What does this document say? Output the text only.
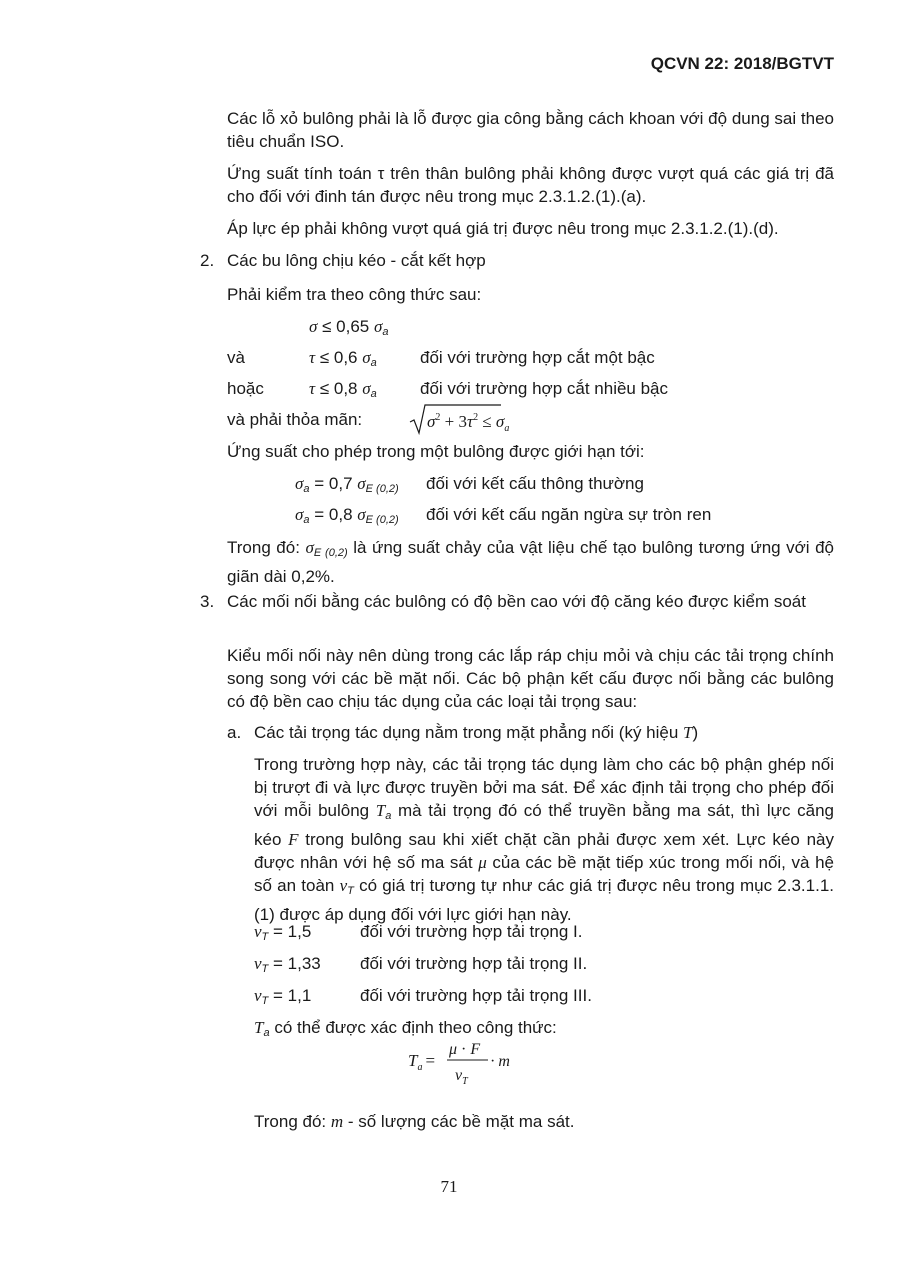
QCVN 22: 2018/BGTVT
Các lỗ xỏ bulông phải là lỗ được gia công bằng cách khoan với độ dung sai theo tiêu chuẩn ISO.
Ứng suất tính toán τ trên thân bulông phải không được vượt quá các giá trị đã cho đối với đinh tán được nêu trong mục 2.3.1.2.(1).(a).
Áp lực ép phải không vượt quá giá trị được nêu trong mục 2.3.1.2.(1).(d).
2. Các bu lông chịu kéo - cắt kết hợp
Phải kiểm tra theo công thức sau:
σ ≤ 0,65 $\sigma_a$
và	τ ≤ 0,6 $\sigma_a$	đối với trường hợp cắt một bậc
hoặc	τ ≤ 0,8 $\sigma_a$	đối với trường hợp cắt nhiều bậc
và phải thỏa mãn:	$\sigma^2 + 3\tau^2 \le \sigma_a$
Ứng suất cho phép trong một bulông được giới hạn tới:
$\sigma_a = 0,7$ $\sigma_{E (0,2)}$ đối với kết cấu thông thường
$\sigma_a = 0,8$ $\sigma_{E (0,2)}$ đối với kết cấu ngăn ngừa sự tròn ren
Trong đó: $\sigma_{E (0,2)}$ là ứng suất chảy của vật liệu chế tạo bulông tương ứng với độ giãn dài 0,2%.
3. Các mối nối bằng các bulông có độ bền cao với độ căng kéo được kiểm soát
Kiểu mối nối này nên dùng trong các lắp ráp chịu mỏi và chịu các tải trọng chính song song với các bề mặt nối. Các bộ phận kết cấu được nối bằng các bulông có độ bền cao chịu tác dụng của các loại tải trọng sau:
a. Các tải trọng tác dụng nằm trong mặt phẳng nối (ký hiệu T)
Trong trường hợp này, các tải trọng tác dụng làm cho các bộ phận ghép nối bị trượt đi và lực được truyền bởi ma sát. Để xác định tải trọng cho phép đối với mỗi bulông $T_a$ mà tải trọng đó có thể truyền bằng ma sát, thì lực căng kéo F trong bulông sau khi xiết chặt cần phải được xem xét. Lực kéo này được nhân với hệ số ma sát μ của các bề mặt tiếp xúc trong mối nối, và hệ số an toàn $\nu_T$ có giá trị tương tự như các giá trị được nêu trong mục 2.3.1.1.(1) được áp dụng đối với lực giới hạn này.
$\nu_T = 1,5$	đối với trường hợp tải trọng I.
$\nu_T = 1,33$ đối với trường hợp tải trọng II.
$\nu_T = 1,1$	đối với trường hợp tải trọng III.
$T_a$ có thể được xác định theo công thức:
$T_a$ =
μ · F
$\nu_T$
· m
Trong đó: m - số lượng các bề mặt ma sát.
71
